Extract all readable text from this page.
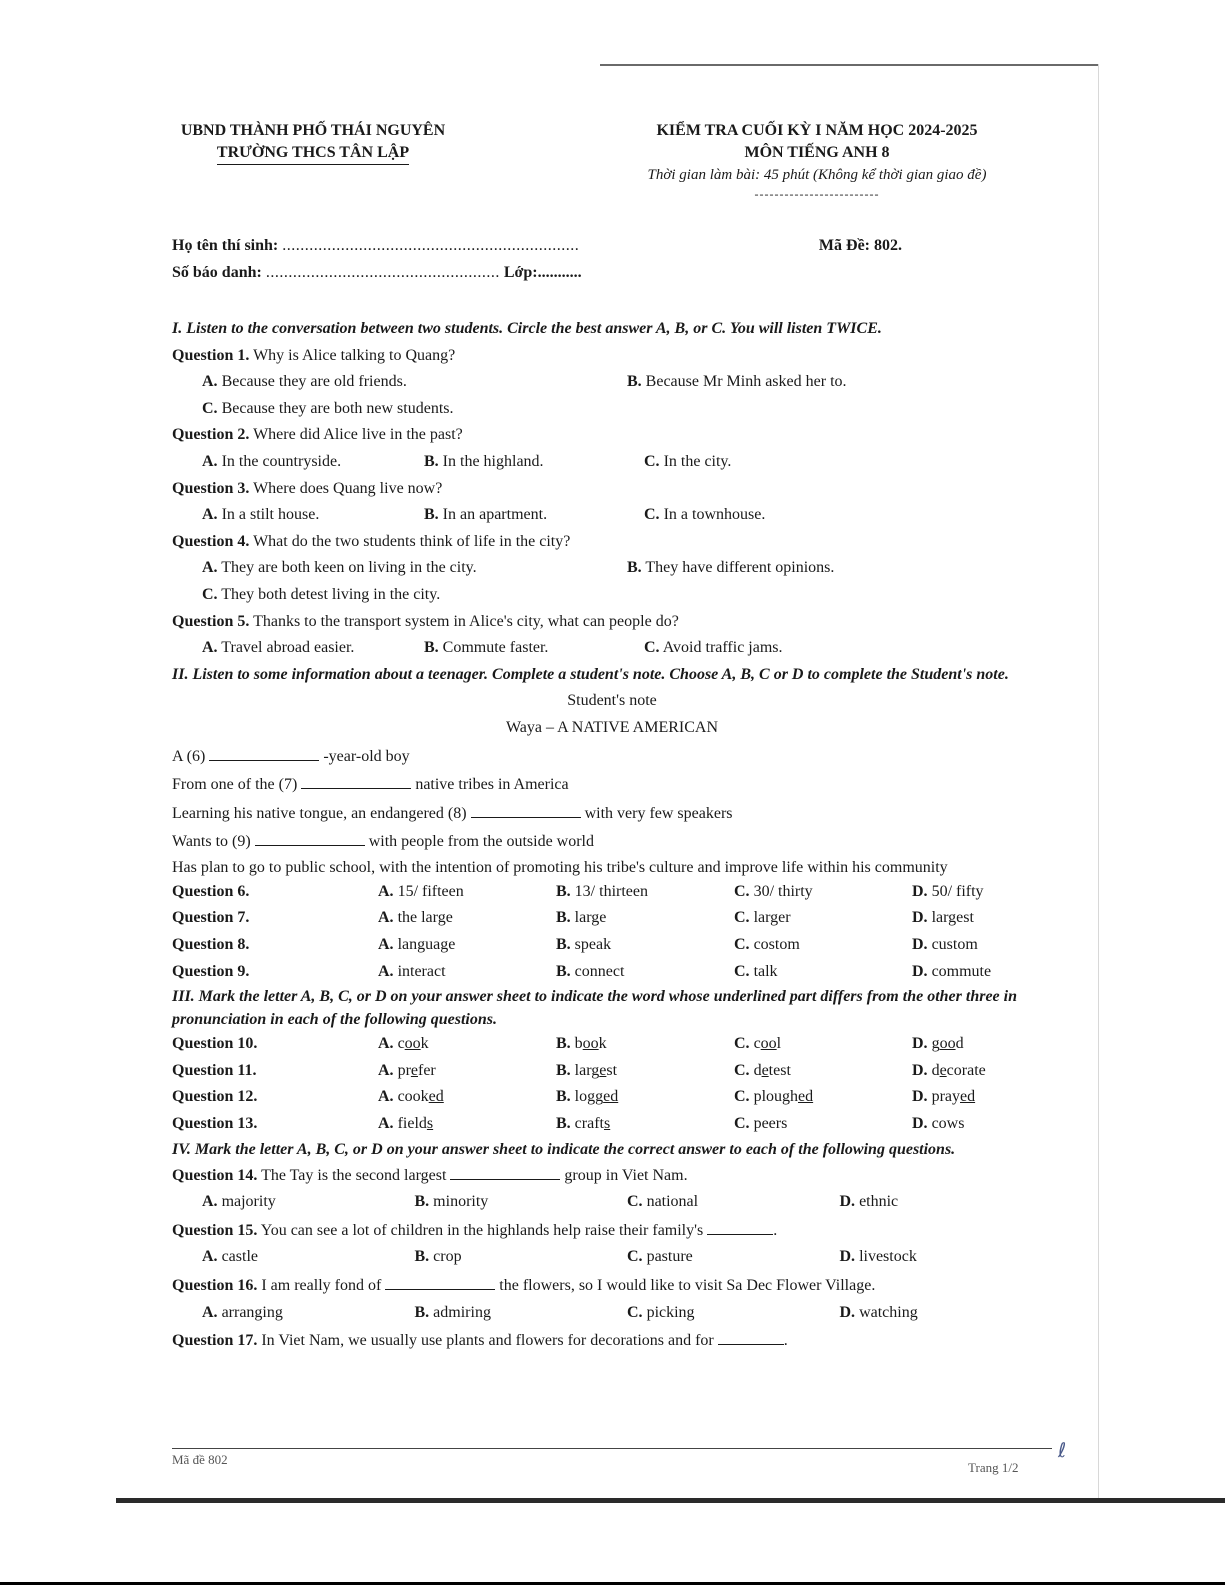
UBND THÀNH PHỐ THÁI NGUYÊN
TRƯỜNG THCS TÂN LẬP
KIỂM TRA CUỐI KỲ I NĂM HỌC 2024-2025
MÔN TIẾNG ANH 8
Thời gian làm bài: 45 phút (Không kể thời gian giao đề)
-------------------------
Họ tên thí sinh: ..................................................................	Mã Đề: 802.
Số báo danh: .................................................... Lớp:...........
I. Listen to the conversation between two students. Circle the best answer A, B, or C. You will listen TWICE.
Question 1. Why is Alice talking to Quang?
A. Because they are old friends.	B. Because Mr Minh asked her to.
C. Because they are both new students.
Question 2. Where did Alice live in the past?
A. In the countryside.	B. In the highland.	C. In the city.
Question 3. Where does Quang live now?
A. In a stilt house.	B. In an apartment.	C. In a townhouse.
Question 4. What do the two students think of life in the city?
A. They are both keen on living in the city.	B. They have different opinions.
C. They both detest living in the city.
Question 5. Thanks to the transport system in Alice's city, what can people do?
A. Travel abroad easier.	B. Commute faster.	C. Avoid traffic jams.
II. Listen to some information about a teenager. Complete a student's note. Choose A, B, C or D to complete the Student's note.
Student's note
Waya – A NATIVE AMERICAN
A (6)	-year-old boy
From one of the (7)	native tribes in America
Learning his native tongue, an endangered (8)	with very few speakers
Wants to (9)	with people from the outside world
Has plan to go to public school, with the intention of promoting his tribe's culture and improve life within his community
Question 6.	A. 15/ fifteen	B. 13/ thirteen	C. 30/ thirty	D. 50/ fifty
Question 7.	A. the large	B. large	C. larger	D. largest
Question 8.	A. language	B. speak	C. costom	D. custom
Question 9.	A. interact	B. connect	C. talk	D. commute
III. Mark the letter A, B, C, or D on your answer sheet to indicate the word whose underlined part differs from the other three in pronunciation in each of the following questions.
Question 10.	A. cook	B. book	C. cool	D. good
Question 11.	A. prefer	B. largest	C. detest	D. decorate
Question 12.	A. cooked	B. logged	C. ploughed	D. prayed
Question 13.	A. fields	B. crafts	C. peers	D. cows
IV. Mark the letter A, B, C, or D on your answer sheet to indicate the correct answer to each of the following questions.
Question 14. The Tay is the second largest	group in Viet Nam.
A. majority	B. minority	C. national	D. ethnic
Question 15. You can see a lot of children in the highlands help raise their family's	.
A. castle	B. crop	C. pasture	D. livestock
Question 16. I am really fond of	the flowers, so I would like to visit Sa Dec Flower Village.
A. arranging	B. admiring	C. picking	D. watching
Question 17. In Viet Nam, we usually use plants and flowers for decorations and for	.
Mã đề 802
Trang 1/2
ℓ
